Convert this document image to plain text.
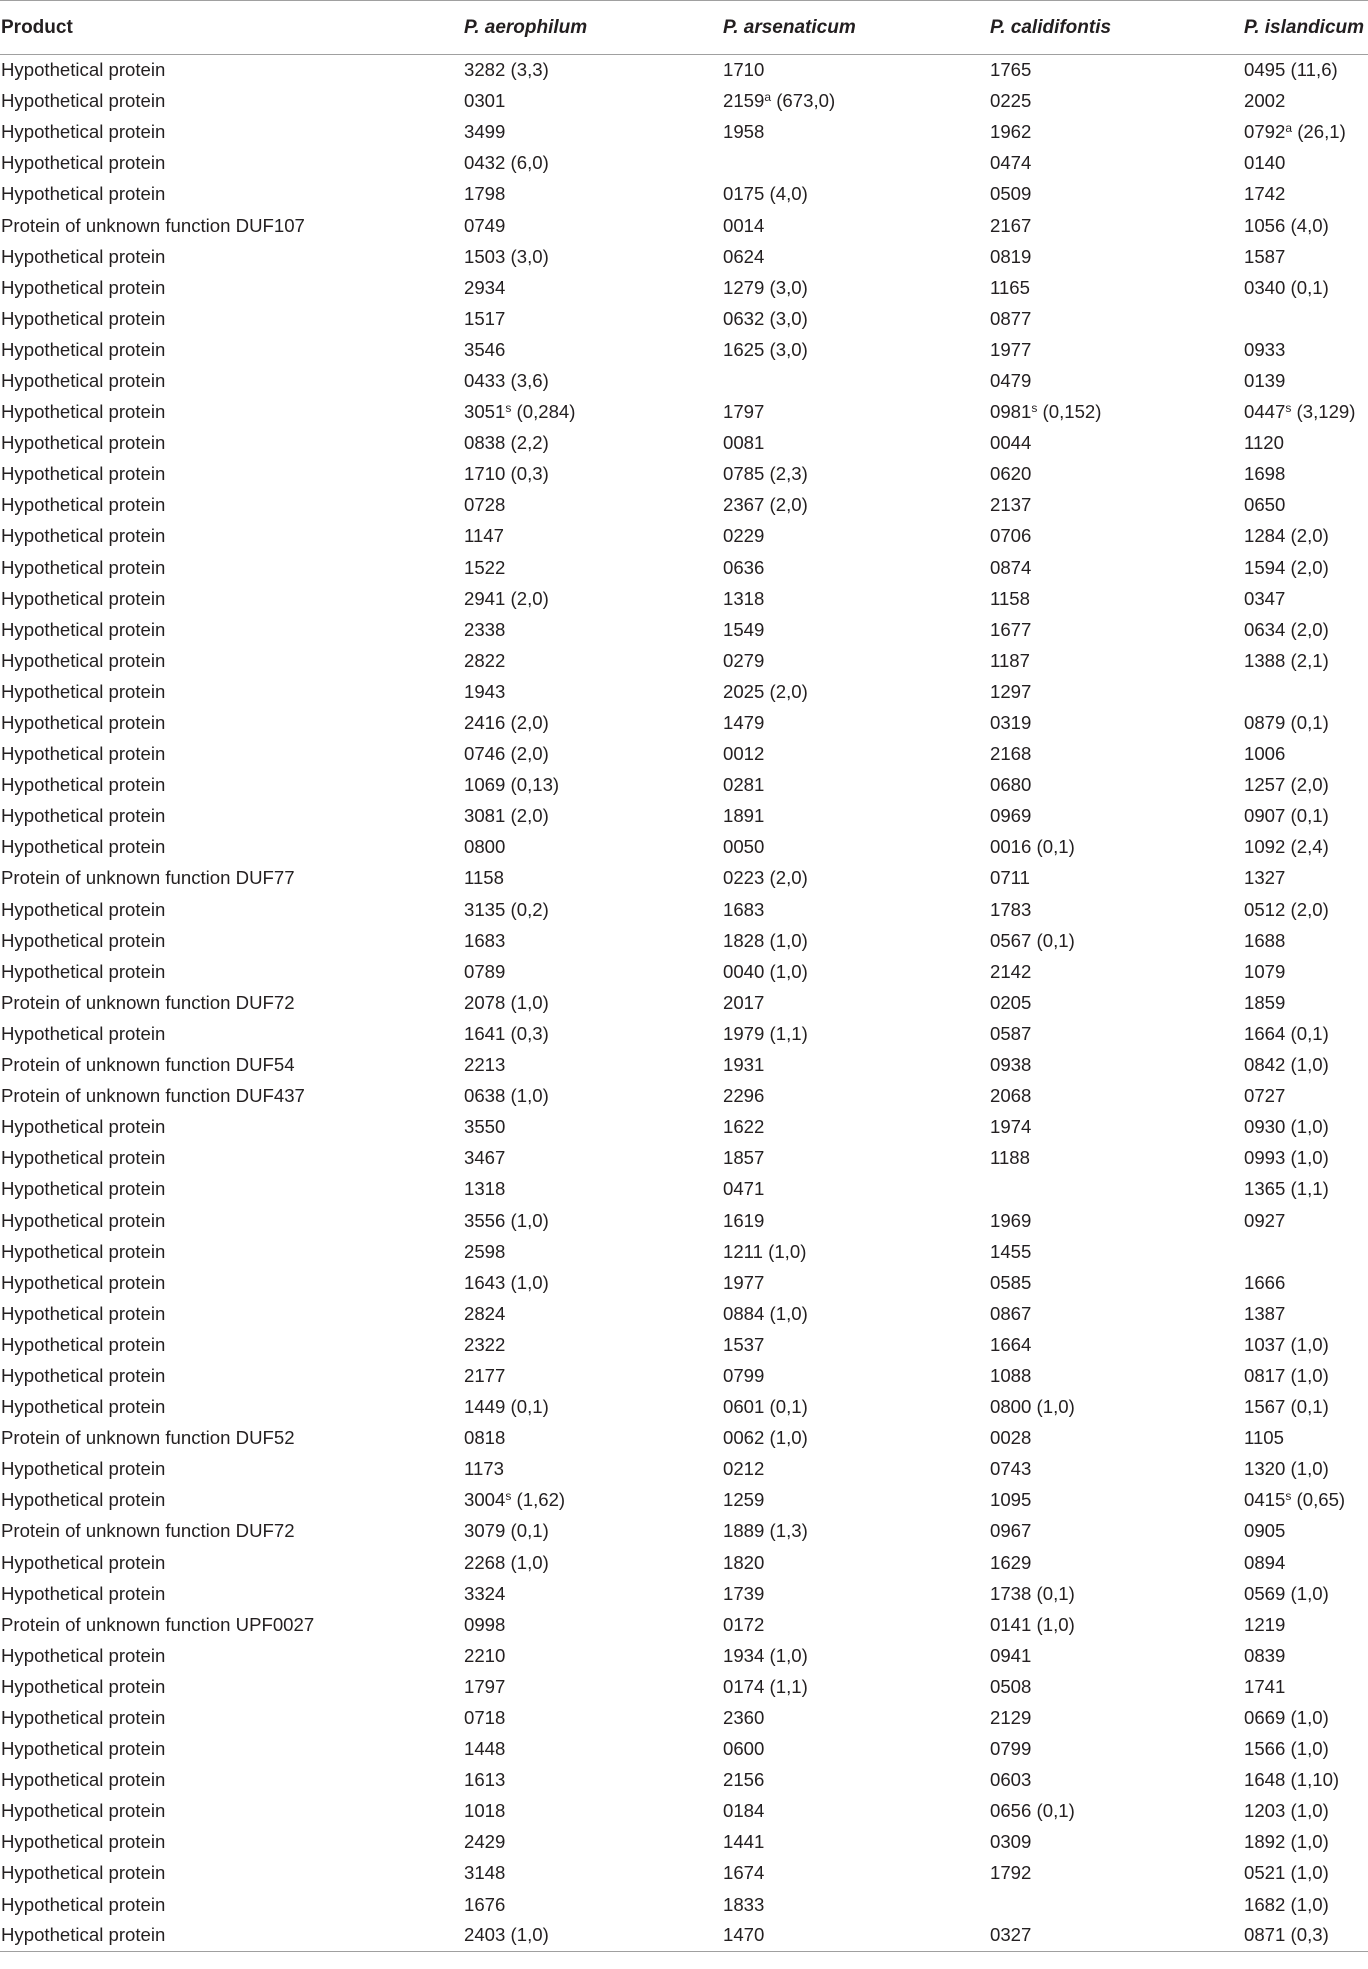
Product	P. aerophilum	P. arsenaticum	P. calidifontis	P. islandicum
Hypothetical protein	3282 (3,3)	1710	1765	0495 (11,6)
Hypothetical protein	0301	2159$^a$ (673,0)	0225	2002
Hypothetical protein	3499	1958	1962	0792$^a$ (26,1)
Hypothetical protein	0432 (6,0)		0474	0140
Hypothetical protein	1798	0175 (4,0)	0509	1742
Protein of unknown function DUF107	0749	0014	2167	1056 (4,0)
Hypothetical protein	1503 (3,0)	0624	0819	1587
Hypothetical protein	2934	1279 (3,0)	1165	0340 (0,1)
Hypothetical protein	1517	0632 (3,0)	0877	
Hypothetical protein	3546	1625 (3,0)	1977	0933
Hypothetical protein	0433 (3,6)		0479	0139
Hypothetical protein	3051$^s$ (0,284)	1797	0981$^s$ (0,152)	0447$^s$ (3,129)
Hypothetical protein	0838 (2,2)	0081	0044	1120
Hypothetical protein	1710 (0,3)	0785 (2,3)	0620	1698
Hypothetical protein	0728	2367 (2,0)	2137	0650
Hypothetical protein	1147	0229	0706	1284 (2,0)
Hypothetical protein	1522	0636	0874	1594 (2,0)
Hypothetical protein	2941 (2,0)	1318	1158	0347
Hypothetical protein	2338	1549	1677	0634 (2,0)
Hypothetical protein	2822	0279	1187	1388 (2,1)
Hypothetical protein	1943	2025 (2,0)	1297	
Hypothetical protein	2416 (2,0)	1479	0319	0879 (0,1)
Hypothetical protein	0746 (2,0)	0012	2168	1006
Hypothetical protein	1069 (0,13)	0281	0680	1257 (2,0)
Hypothetical protein	3081 (2,0)	1891	0969	0907 (0,1)
Hypothetical protein	0800	0050	0016 (0,1)	1092 (2,4)
Protein of unknown function DUF77	1158	0223 (2,0)	0711	1327
Hypothetical protein	3135 (0,2)	1683	1783	0512 (2,0)
Hypothetical protein	1683	1828 (1,0)	0567 (0,1)	1688
Hypothetical protein	0789	0040 (1,0)	2142	1079
Protein of unknown function DUF72	2078 (1,0)	2017	0205	1859
Hypothetical protein	1641 (0,3)	1979 (1,1)	0587	1664 (0,1)
Protein of unknown function DUF54	2213	1931	0938	0842 (1,0)
Protein of unknown function DUF437	0638 (1,0)	2296	2068	0727
Hypothetical protein	3550	1622	1974	0930 (1,0)
Hypothetical protein	3467	1857	1188	0993 (1,0)
Hypothetical protein	1318	0471		1365 (1,1)
Hypothetical protein	3556 (1,0)	1619	1969	0927
Hypothetical protein	2598	1211 (1,0)	1455	
Hypothetical protein	1643 (1,0)	1977	0585	1666
Hypothetical protein	2824	0884 (1,0)	0867	1387
Hypothetical protein	2322	1537	1664	1037 (1,0)
Hypothetical protein	2177	0799	1088	0817 (1,0)
Hypothetical protein	1449 (0,1)	0601 (0,1)	0800 (1,0)	1567 (0,1)
Protein of unknown function DUF52	0818	0062 (1,0)	0028	1105
Hypothetical protein	1173	0212	0743	1320 (1,0)
Hypothetical protein	3004$^s$ (1,62)	1259	1095	0415$^s$ (0,65)
Protein of unknown function DUF72	3079 (0,1)	1889 (1,3)	0967	0905
Hypothetical protein	2268 (1,0)	1820	1629	0894
Hypothetical protein	3324	1739	1738 (0,1)	0569 (1,0)
Protein of unknown function UPF0027	0998	0172	0141 (1,0)	1219
Hypothetical protein	2210	1934 (1,0)	0941	0839
Hypothetical protein	1797	0174 (1,1)	0508	1741
Hypothetical protein	0718	2360	2129	0669 (1,0)
Hypothetical protein	1448	0600	0799	1566 (1,0)
Hypothetical protein	1613	2156	0603	1648 (1,10)
Hypothetical protein	1018	0184	0656 (0,1)	1203 (1,0)
Hypothetical protein	2429	1441	0309	1892 (1,0)
Hypothetical protein	3148	1674	1792	0521 (1,0)
Hypothetical protein	1676	1833		1682 (1,0)
Hypothetical protein	2403 (1,0)	1470	0327	0871 (0,3)
